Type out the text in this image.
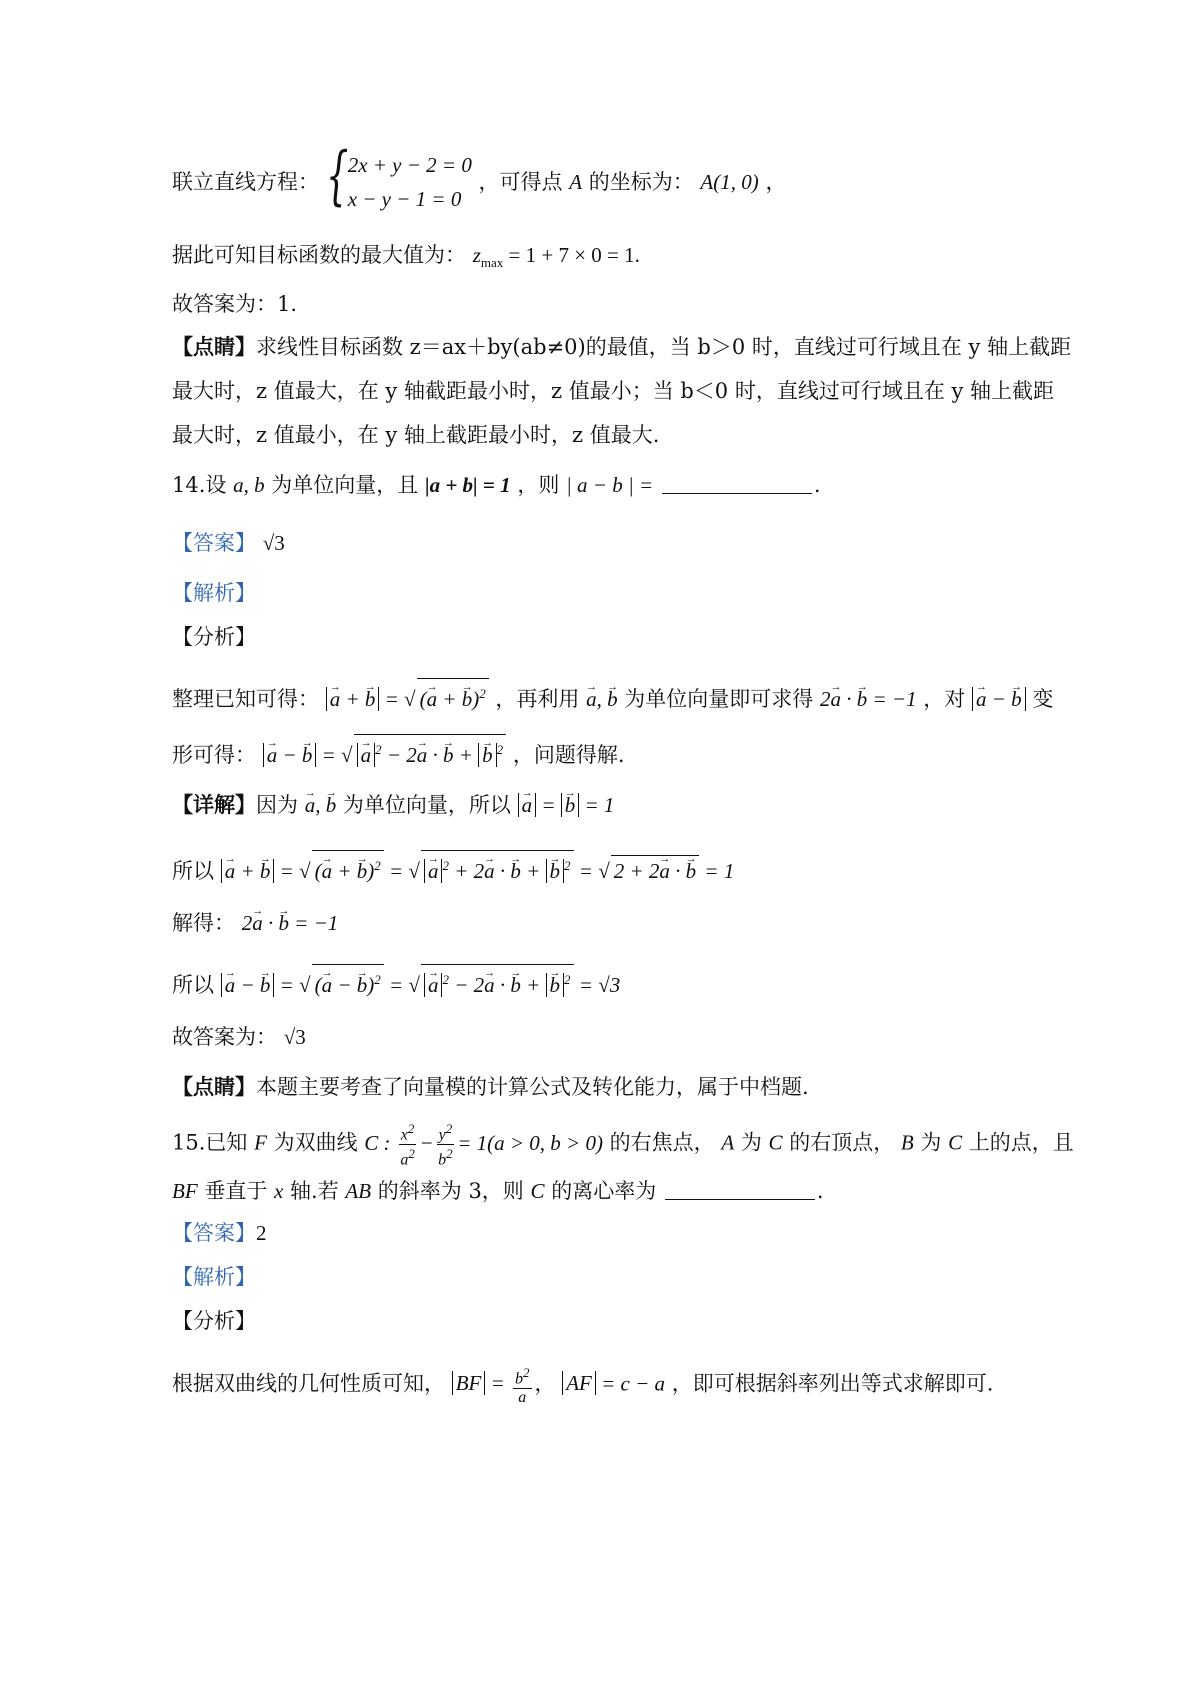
联立直线方程： { 2x + y − 2 = 0
x − y − 1 = 0
，可得点 A 的坐标为： A(1, 0) ，
据此可知目标函数的最大值为： $z_{max} = 1 + 7 \times 0 = 1$.
故答案为：1.
【点睛】求线性目标函数 z＝ax＋by(ab≠0)的最值，当 b＞0 时，直线过可行域且在 y 轴上截距
最大时，z 值最大，在 y 轴截距最小时，z 值最小；当 b＜0 时，直线过可行域且在 y 轴上截距
最大时，z 值最小，在 y 轴上截距最小时，z 值最大.
14.设 a, b 为单位向量，且 |a + b| = 1 ，则 | a − b | =	.
【答案】 √3
【解析】
【分析】
整理已知可得： → a + → b = √ (→ a + → b)$^2$ ，再利用 → a, → b 为单位向量即可求得 2→ a · → b = −1 ，对 → a − → b 变
形可得： → a − → b = √ → a $^2$ − 2→ a · → b + → b $^2$ ，问题得解.
【详解】因为 → a, → b 为单位向量，所以 → a = → b = 1
所以 → a + → b = √ (→ a + → b)$^2$ = √ → a $^2$ + 2→ a · → b + → b $^2$ = √ 2 + 2→ a · → b = 1
解得： 2→ a · → b = −1
所以 → a − → b = √ (→ a − → b)$^2$ = √ → a $^2$ − 2→ a · → b + → b $^2$ = √3
故答案为： √3
【点睛】本题主要考查了向量模的计算公式及转化能力，属于中档题.
15.已知 F 为双曲线 C : $\frac{x^2}{a^2} - \frac{y^2}{b^2} = 1(a > 0$, b > 0) 的右焦点， A 为 C 的右顶点， B 为 C 上的点，且
BF 垂直于 x 轴.若 AB 的斜率为 3，则 C 的离心率为	.
【答案】2
【解析】
【分析】
根据双曲线的几何性质可知， BF = $\frac{b^2}{a}$ ， AF = c − a ，即可根据斜率列出等式求解即可.
